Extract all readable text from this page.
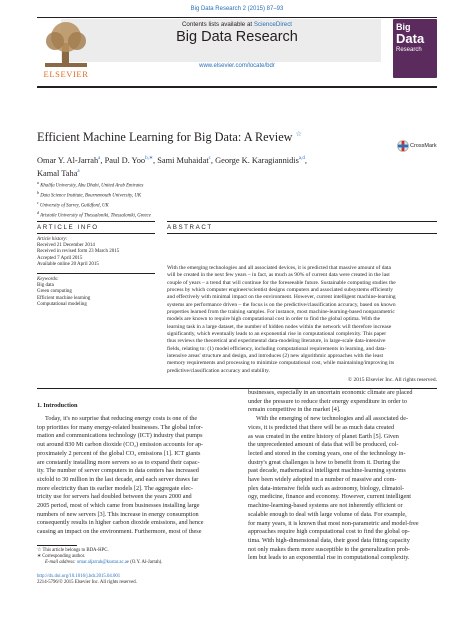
Big Data Research 2 (2015) 87–93
Contents lists available at ScienceDirect
Big Data Research
www.elsevier.com/locate/bdr
ELSEVIER
Big
Data
Research
Efficient Machine Learning for Big Data: A Review ☆
CrossMark
Omar Y. Al-Jarrah$^a$, Paul D. Yoo$^{b,∗}$, Sami Muhaidat$^c$, George K. Karagiannidis$^{a,d}$,
Kamal Taha$^a$
$^a$ Khalifa University, Abu Dhabi, United Arab Emirates
$^b$ Data Science Institute, Bournemouth University, UK
$^c$ University of Surrey, Guildford, UK
$^d$ Aristotle University of Thessaloniki, Thessaloniki, Greece
ARTICLE INFO	ABSTRACT
Article history:
Received 21 December 2014
Received in revised form 23 March 2015
Accepted 7 April 2015
Available online 20 April 2015
Keywords:
Big data
Green computing
Efficient machine learning
Computational modeling
With the emerging technologies and all associated devices, it is predicted that massive amount of data
will be created in the next few years – in fact, as much as 90% of current data were created in the last
couple of years – a trend that will continue for the foreseeable future. Sustainable computing studies the
process by which computer engineer/scientist designs computers and associated subsystems efficiently
and effectively with minimal impact on the environment. However, current intelligent machine-learning
systems are performance driven – the focus is on the predictive/classification accuracy, based on known
properties learned from the training samples. For instance, most machine-learning-based nonparametric
models are known to require high computational cost in order to find the global optima. With the
learning task in a large dataset, the number of hidden nodes within the network will therefore increase
significantly, which eventually leads to an exponential rise in computational complexity. This paper
thus reviews the theoretical and experimental data-modeling literature, in large-scale data-intensive
fields, relating to: (1) model efficiency, including computational requirements in learning, and data-
intensive areas' structure and design, and introduces (2) new algorithmic approaches with the least
memory requirements and processing to minimize computational cost, while maintaining/improving its
predictive/classification accuracy and stability.
© 2015 Elsevier Inc. All rights reserved.
1. Introduction
Today, it's no surprise that reducing energy costs is one of the
top priorities for many energy-related businesses. The global infor-
mation and communications technology (ICT) industry that pumps
out around 830 Mt carbon dioxide (CO₂) emission accounts for ap-
proximately 2 percent of the global CO₂ emissions [1]. ICT giants
are constantly installing more servers so as to expand their capac-
ity. The number of server computers in data centers has increased
sixfold to 30 million in the last decade, and each server draws far
more electricity than its earlier models [2]. The aggregate elec-
tricity use for servers had doubled between the years 2000 and
2005 period, most of which came from businesses installing large
numbers of new servers [3]. This increase in energy consumption
consequently results in higher carbon dioxide emissions, and hence
causing an impact on the environment. Furthermore, most of these
businesses, especially in an uncertain economic climate are placed
under the pressure to reduce their energy expenditure in order to
remain competitive in the market [4].
With the emerging of new technologies and all associated de-
vices, it is predicted that there will be as much data created
as was created in the entire history of planet Earth [5]. Given
the unprecedented amount of data that will be produced, col-
lected and stored in the coming years, one of the technology in-
dustry's great challenges is how to benefit from it. During the
past decade, mathematical intelligent machine-learning systems
have been widely adopted in a number of massive and com-
plex data-intensive fields such as astronomy, biology, climatol-
ogy, medicine, finance and economy. However, current intelligent
machine-learning-based systems are not inherently efficient or
scalable enough to deal with large volume of data. For example,
for many years, it is known that most non-parametric and model-free
approaches require high computational cost to find the global op-
tima. With high-dimensional data, their good data fitting capacity
not only makes them more susceptible to the generalization prob-
lem but leads to an exponential rise in computational complexity.
☆ This article belongs to BDA-HPC.
∗ Corresponding author.
E-mail address: omar.aljarrah@kustar.ac.ae (O.Y. Al-Jarrah).
http://dx.doi.org/10.1016/j.bdr.2015.04.001
2214-5796/© 2015 Elsevier Inc. All rights reserved.
